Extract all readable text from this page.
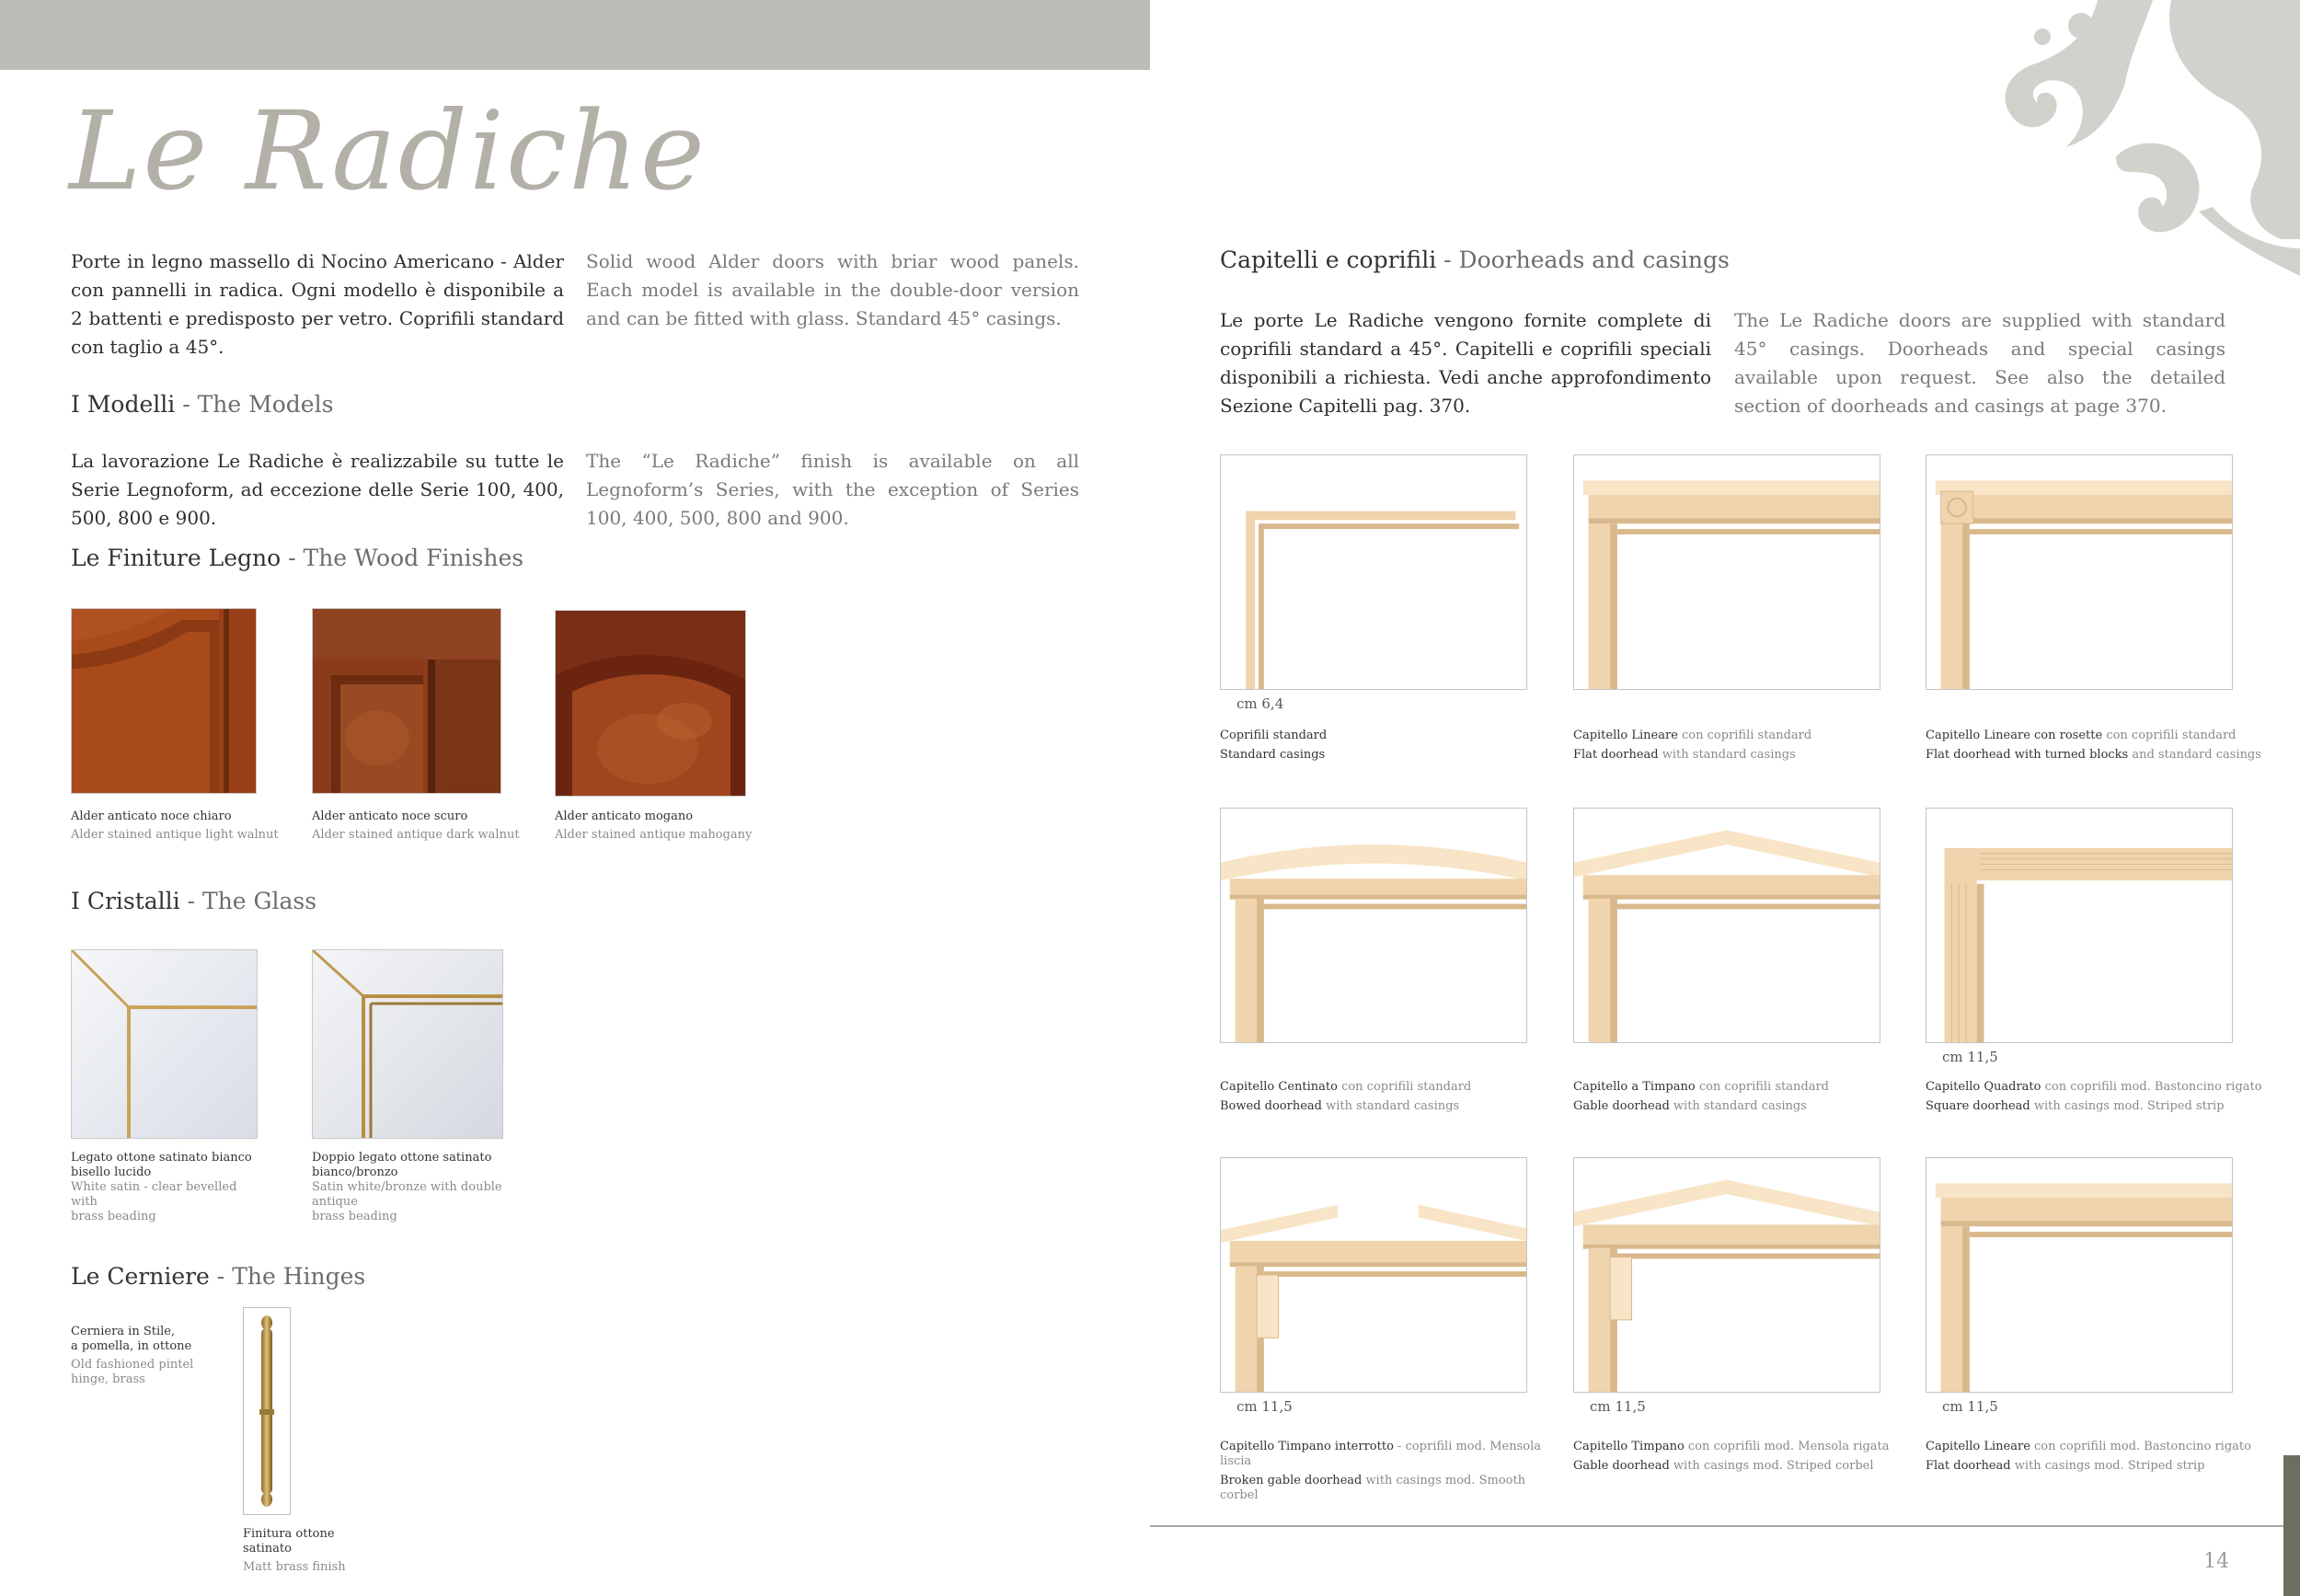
Le Radiche
Porte in legno massello di Nocino Americano - Alder con pannelli in radica. Ogni modello è disponibile a 2 battenti e predisposto per vetro. Coprifili standard con taglio a 45°.
Solid wood Alder doors with briar wood panels. Each model is available in the double-door version and can be fitted with glass. Standard 45° casings.
I Modelli - The Models
La lavorazione Le Radiche è realizzabile su tutte le Serie Legnoform, ad eccezione delle Serie 100, 400, 500, 800 e 900.
The “Le Radiche” finish is available on all Legnoform’s Series, with the exception of Series 100, 400, 500, 800 and 900.
Le Finiture Legno - The Wood Finishes
Alder anticato noce chiaro
Alder stained antique light walnut
Alder anticato noce scuro
Alder stained antique dark walnut
Alder anticato mogano
Alder stained antique mahogany
I Cristalli - The Glass
Legato ottone satinato bianco
bisello lucido
White satin - clear bevelled with
brass beading
Doppio legato ottone satinato
bianco/bronzo
Satin white/bronze with double antique
brass beading
Le Cerniere - The Hinges
Cerniera in Stile,
a pomella, in ottone
Old fashioned pintel
hinge, brass
Finitura ottone
satinato
Matt brass finish
Capitelli e coprifili - Doorheads and casings
Le porte Le Radiche vengono fornite complete di coprifili standard a 45°. Capitelli e coprifili speciali disponibili a richiesta. Vedi anche approfondimento Sezione Capitelli pag. 370.
The Le Radiche doors are supplied with standard 45° casings. Doorheads and special casings available upon request. See also the detailed section of doorheads and casings at page 370.
cm 6,4
Coprifili standard
Standard casings
Capitello Lineare con coprifili standard
Flat doorhead with standard casings
Capitello Lineare con rosette con coprifili standard
Flat doorhead with turned blocks and standard casings
Capitello Centinato con coprifili standard
Bowed doorhead with standard casings
Capitello a Timpano con coprifili standard
Gable doorhead with standard casings
cm 11,5
Capitello Quadrato con coprifili mod. Bastoncino rigato
Square doorhead with casings mod. Striped strip
cm 11,5
Capitello Timpano interrotto - coprifili mod. Mensola liscia
Broken gable doorhead with casings mod. Smooth corbel
cm 11,5
Capitello Timpano con coprifili mod. Mensola rigata
Gable doorhead with casings mod. Striped corbel
cm 11,5
Capitello Lineare con coprifili mod. Bastoncino rigato
Flat doorhead with casings mod. Striped strip
14
